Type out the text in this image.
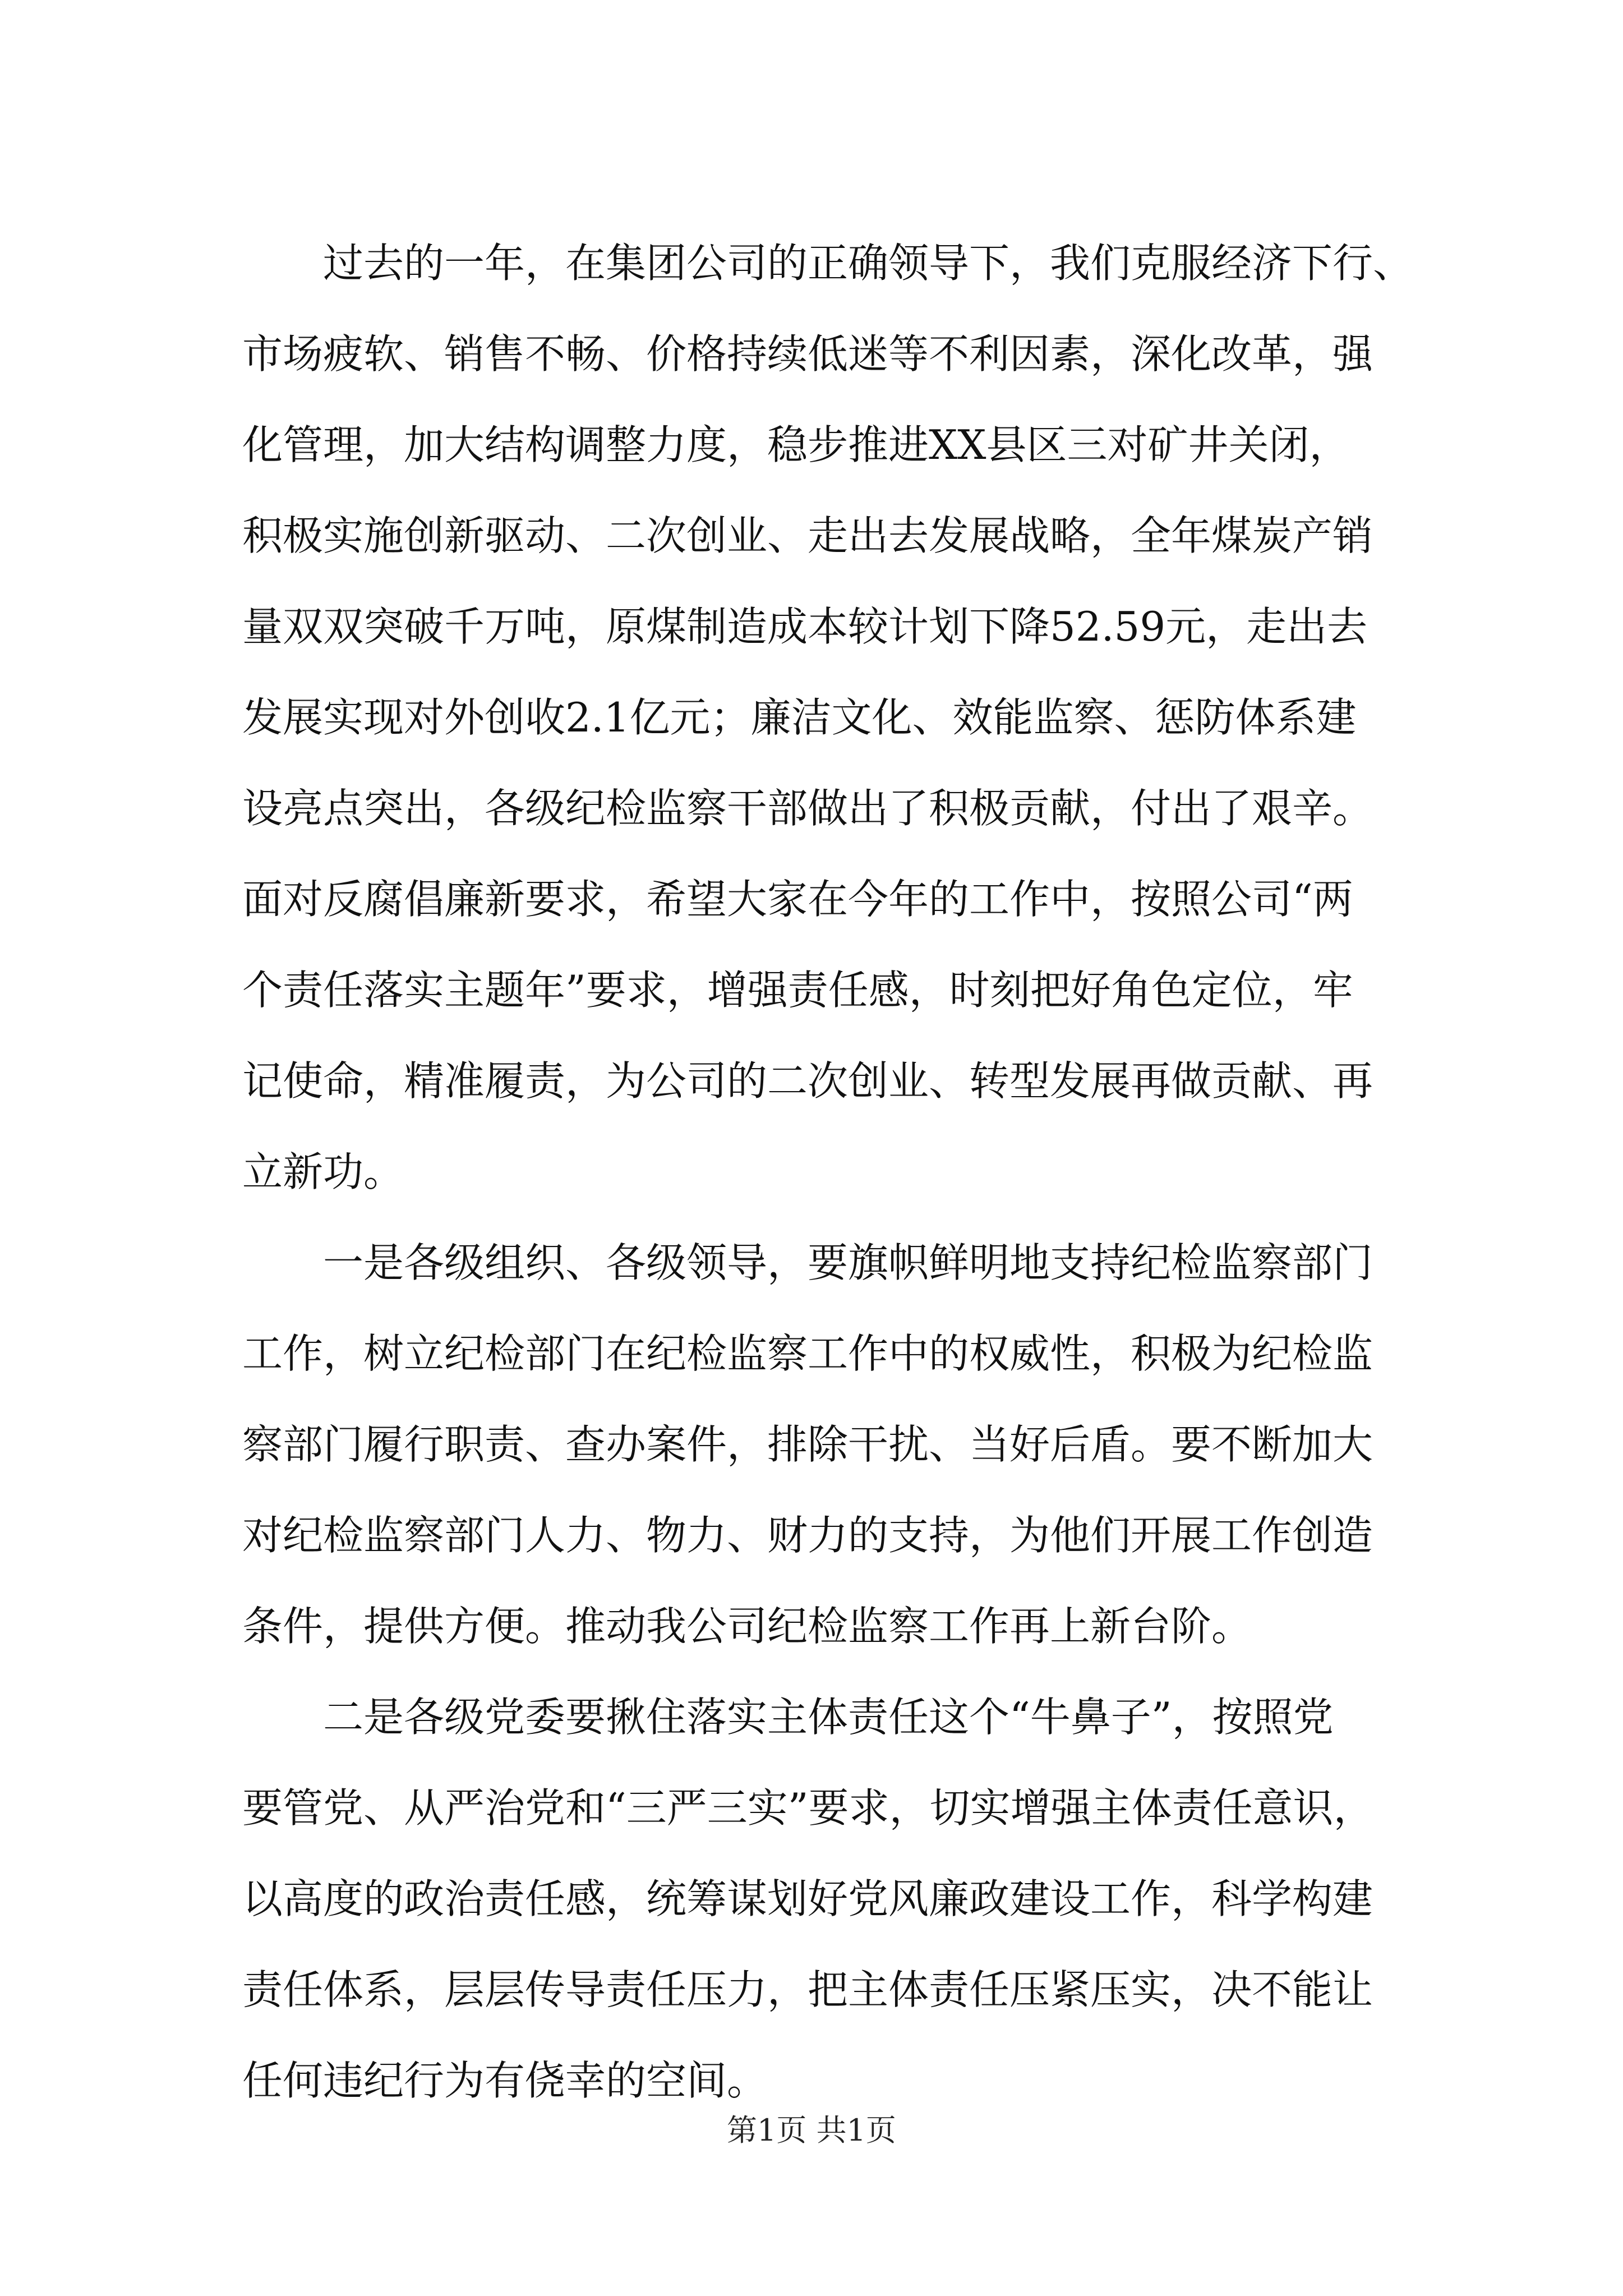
过去的一年，在集团公司的正确领导下，我们克服经济下行、
市场疲软、销售不畅、价格持续低迷等不利因素，深化改革，强
化管理，加大结构调整力度，稳步推进XX县区三对矿井关闭，
积极实施创新驱动、二次创业、走出去发展战略，全年煤炭产销
量双双突破千万吨，原煤制造成本较计划下降52.59元，走出去
发展实现对外创收2.1亿元；廉洁文化、效能监察、惩防体系建
设亮点突出，各级纪检监察干部做出了积极贡献，付出了艰辛。
面对反腐倡廉新要求，希望大家在今年的工作中，按照公司“两
个责任落实主题年”要求，增强责任感，时刻把好角色定位，牢
记使命，精准履责，为公司的二次创业、转型发展再做贡献、再
立新功。
一是各级组织、各级领导，要旗帜鲜明地支持纪检监察部门
工作，树立纪检部门在纪检监察工作中的权威性，积极为纪检监
察部门履行职责、查办案件，排除干扰、当好后盾。要不断加大
对纪检监察部门人力、物力、财力的支持，为他们开展工作创造
条件，提供方便。推动我公司纪检监察工作再上新台阶。
二是各级党委要揪住落实主体责任这个“牛鼻子”，按照党
要管党、从严治党和“三严三实”要求，切实增强主体责任意识，
以高度的政治责任感，统筹谋划好党风廉政建设工作，科学构建
责任体系，层层传导责任压力，把主体责任压紧压实，决不能让
任何违纪行为有侥幸的空间。
第1页 共1页
